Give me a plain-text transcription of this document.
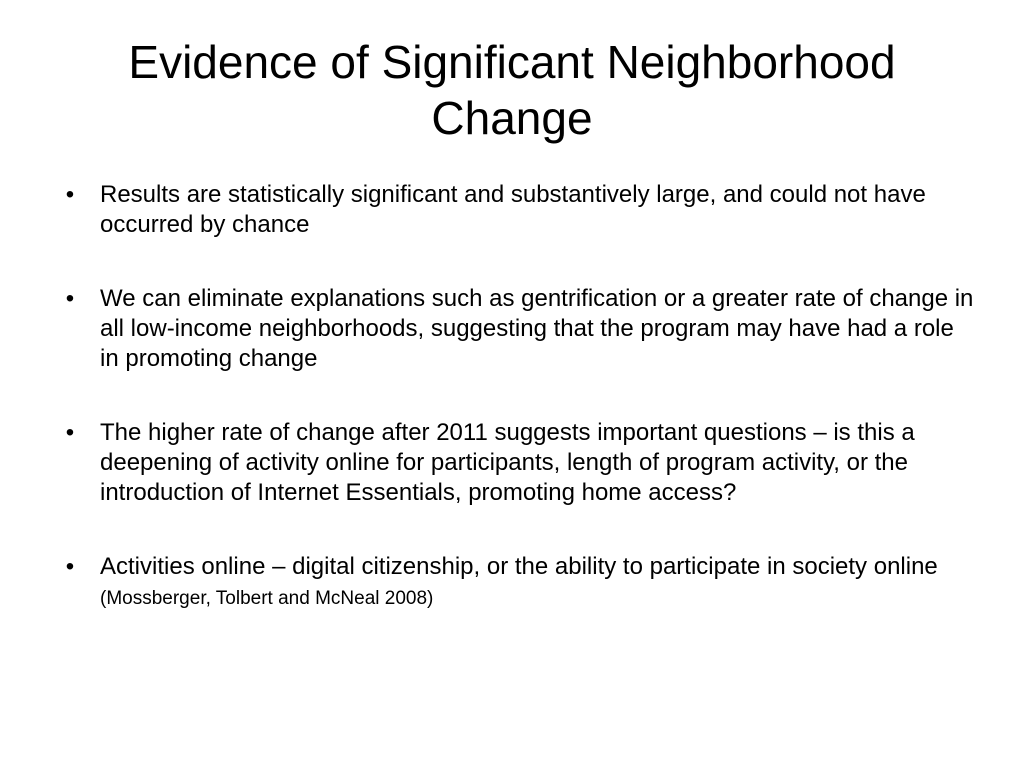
Evidence of Significant Neighborhood Change
• Results are statistically significant and substantively large, and could not have occurred by chance
• We can eliminate explanations such as gentrification or a greater rate of change in all low-income neighborhoods, suggesting that the program may have had a role in promoting change
• The higher rate of change after 2011 suggests important questions – is this a deepening of activity online for participants, length of program activity, or the introduction of Internet Essentials, promoting home access?
• Activities online – digital citizenship, or the ability to participate in society online (Mossberger, Tolbert and McNeal 2008)
